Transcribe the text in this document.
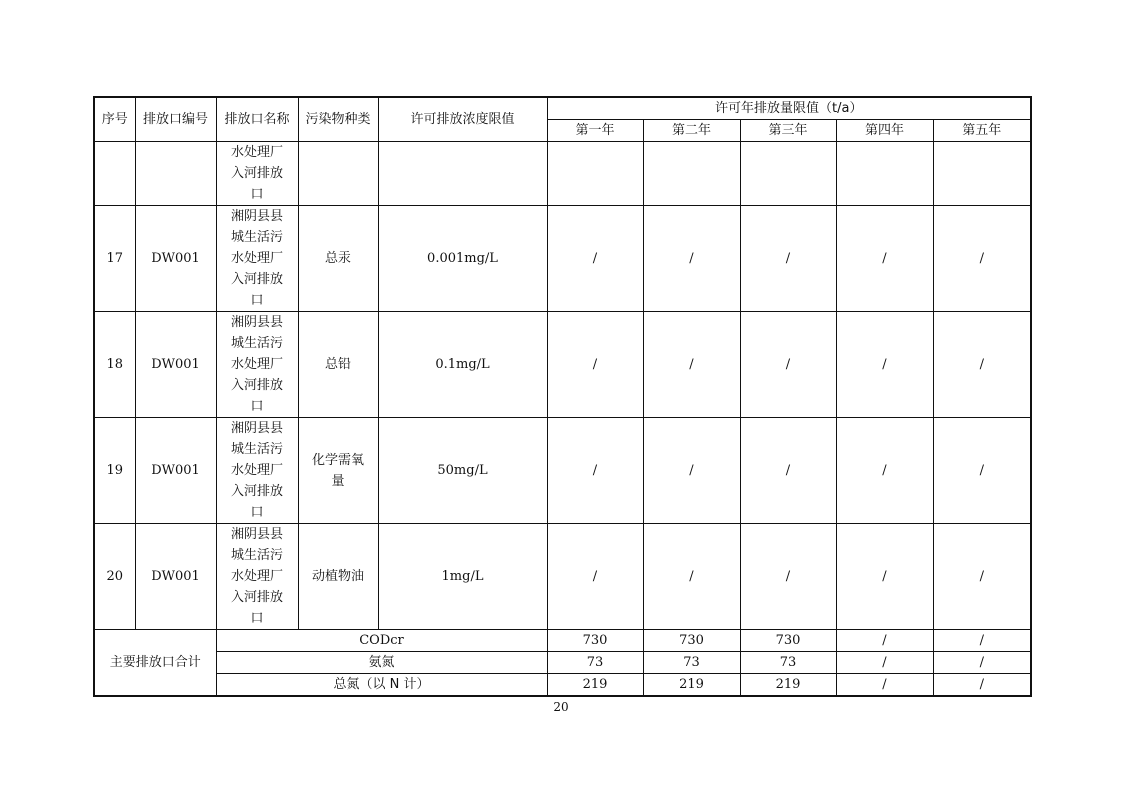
序号	排放口编号	排放口名称	污染物种类	许可排放浓度限值	许可年排放量限值（t/a）				
					第一年	第二年	第三年	第四年	第五年

		水处理厂入河排放口							

17	DW001	湘阴县县城生活污水处理厂入河排放口	总汞	0.001mg/L	/	/	/	/	/
18	DW001	湘阴县县城生活污水处理厂入河排放口	总铅	0.1mg/L	/	/	/	/	/
19	DW001	湘阴县县城生活污水处理厂入河排放口	化学需氧量	50mg/L	/	/	/	/	/
20	DW001	湘阴县县城生活污水处理厂入河排放口	动植物油	1mg/L	/	/	/	/	/
主要排放口合计		CODcr			730	730	730	/	/
		氨氮			73	73	73	/	/
		总氮（以 N 计）			219	219	219	/	/
20
